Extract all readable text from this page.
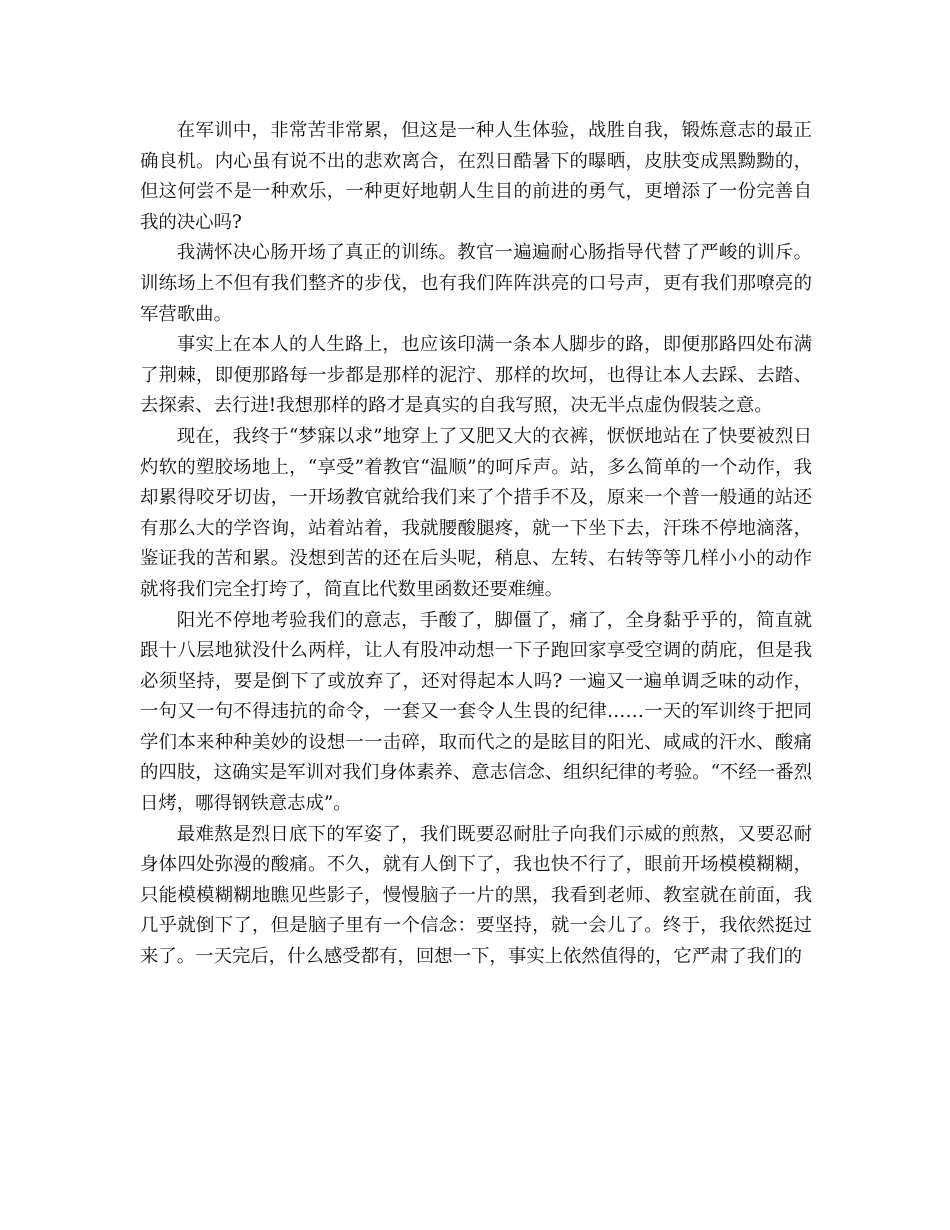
在军训中，非常苦非常累，但这是一种人生体验，战胜自我，锻炼意志的最正确良机。内心虽有说不出的悲欢离合，在烈日酷暑下的曝晒，皮肤变成黑黝黝的，但这何尝不是一种欢乐，一种更好地朝人生目的前进的勇气，更增添了一份完善自我的决心吗?

我满怀决心肠开场了真正的训练。教官一遍遍耐心肠指导代替了严峻的训斥。训练场上不但有我们整齐的步伐，也有我们阵阵洪亮的口号声，更有我们那嘹亮的军营歌曲。

事实上在本人的人生路上，也应该印满一条本人脚步的路，即便那路四处布满了荆棘，即便那路每一步都是那样的泥泞、那样的坎坷，也得让本人去踩、去踏、去探索、去行进!我想那样的路才是真实的自我写照，决无半点虚伪假装之意。

现在，我终于“梦寐以求”地穿上了又肥又大的衣裤，恹恹地站在了快要被烈日灼软的塑胶场地上，“享受”着教官“温顺”的呵斥声。站，多么简单的一个动作，我却累得咬牙切齿，一开场教官就给我们来了个措手不及，原来一个普一般通的站还有那么大的学咨询，站着站着，我就腰酸腿疼，就一下坐下去，汗珠不停地滴落，鉴证我的苦和累。没想到苦的还在后头呢，稍息、左转、右转等等几样小小的动作就将我们完全打垮了，简直比代数里函数还要难缠。

阳光不停地考验我们的意志，手酸了，脚僵了，痛了，全身黏乎乎的，简直就跟十八层地狱没什么两样，让人有股冲动想一下子跑回家享受空调的荫庇，但是我必须坚持，要是倒下了或放弃了，还对得起本人吗? 一遍又一遍单调乏味的动作，一句又一句不得违抗的命令，一套又一套令人生畏的纪律……一天的军训终于把同学们本来种种美妙的设想一一击碎，取而代之的是眩目的阳光、咸咸的汗水、酸痛的四肢，这确实是军训对我们身体素养、意志信念、组织纪律的考验。“不经一番烈日烤，哪得钢铁意志成”。

最难熬是烈日底下的军姿了，我们既要忍耐肚子向我们示威的煎熬，又要忍耐身体四处弥漫的酸痛。不久，就有人倒下了，我也快不行了，眼前开场模模糊糊，只能模模糊糊地瞧见些影子，慢慢脑子一片的黑，我看到老师、教室就在前面，我几乎就倒下了，但是脑子里有一个信念：要坚持，就一会儿了。终于，我依然挺过来了。一天完后，什么感受都有，回想一下，事实上依然值得的，它严肃了我们的
